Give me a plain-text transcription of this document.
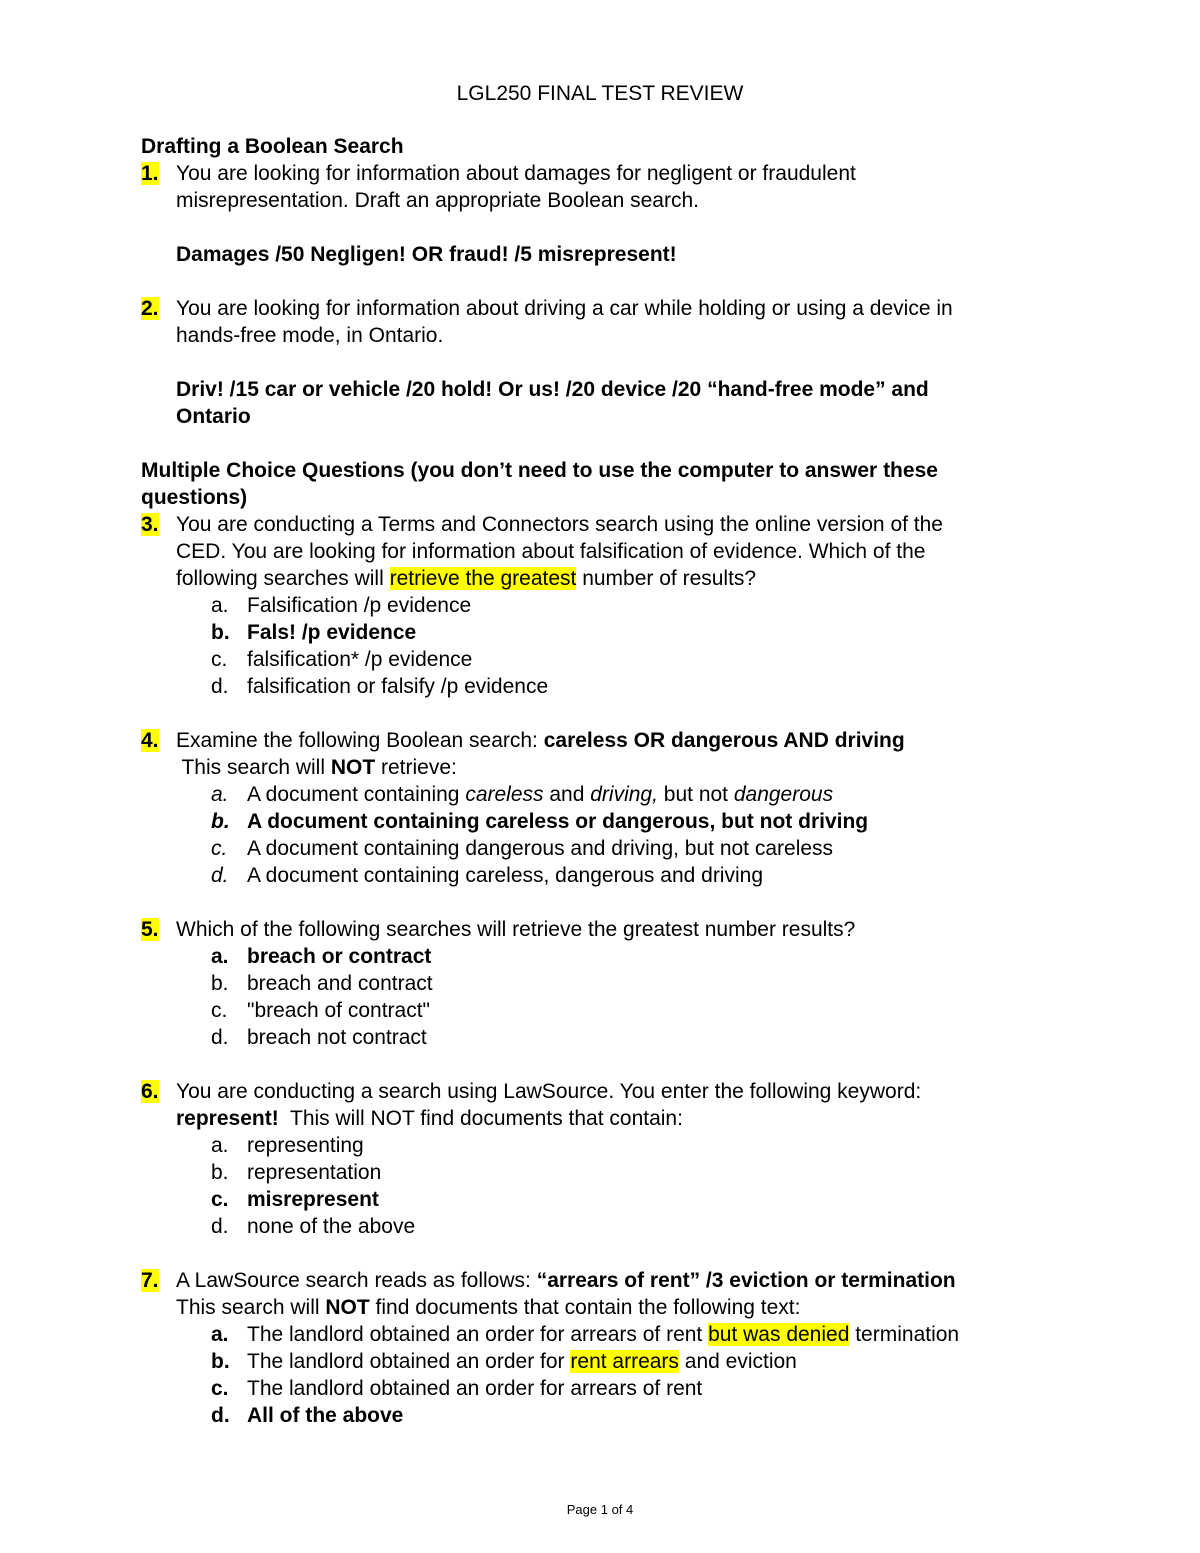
LGL250 FINAL TEST REVIEW

Drafting a Boolean Search

1. You are looking for information about damages for negligent or fraudulent

misrepresentation. Draft an appropriate Boolean search.

Damages /50 Negligen! OR fraud! /5 misrepresent!

2. You are looking for information about driving a car while holding or using a device in

hands-free mode, in Ontario.

Driv! /15 car or vehicle /20 hold! Or us! /20 device /20 “hand-free mode” and

Ontario

Multiple Choice Questions (you don’t need to use the computer to answer these

questions)

3. You are conducting a Terms and Connectors search using the online version of the

CED. You are looking for information about falsification of evidence. Which of the

following searches will retrieve the greatest number of results?

a. Falsification /p evidence
b. Fals! /p evidence
c. falsification* /p evidence
d. falsification or falsify /p evidence
4. Examine the following Boolean search: careless OR dangerous AND driving

This search will NOT retrieve:

a. A document containing careless and driving, but not dangerous
b. A document containing careless or dangerous, but not driving
c. A document containing dangerous and driving, but not careless
d. A document containing careless, dangerous and driving
5. Which of the following searches will retrieve the greatest number results?
a. breach or contract
b. breach and contract
c. "breach of contract"
d. breach not contract
6. You are conducting a search using LawSource. You enter the following keyword:

represent!  This will NOT find documents that contain:

a. representing
b. representation
c. misrepresent
d. none of the above
7. A LawSource search reads as follows: “arrears of rent” /3 eviction or termination

This search will NOT find documents that contain the following text:

a. The landlord obtained an order for arrears of rent but was denied termination
b. The landlord obtained an order for rent arrears and eviction
c. The landlord obtained an order for arrears of rent
d. All of the above
Page 1 of 4
